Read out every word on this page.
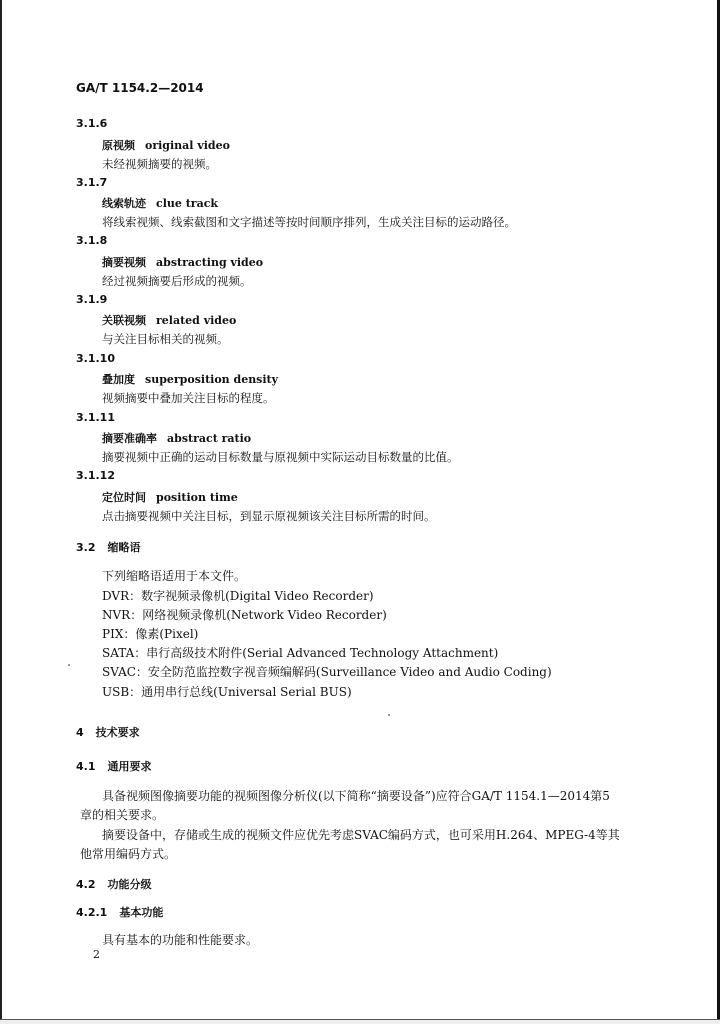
GA/T 1154.2—2014
3.1.6
原视频 original video
未经视频摘要的视频。
3.1.7
线索轨迹 clue track
将线索视频、线索截图和文字描述等按时间顺序排列，生成关注目标的运动路径。
3.1.8
摘要视频 abstracting video
经过视频摘要后形成的视频。
3.1.9
关联视频 related video
与关注目标相关的视频。
3.1.10
叠加度 superposition density
视频摘要中叠加关注目标的程度。
3.1.11
摘要准确率 abstract ratio
摘要视频中正确的运动目标数量与原视频中实际运动目标数量的比值。
3.1.12
定位时间 position time
点击摘要视频中关注目标，到显示原视频该关注目标所需的时间。
3.2 缩略语
下列缩略语适用于本文件。
DVR：数字视频录像机(Digital Video Recorder)
NVR：网络视频录像机(Network Video Recorder)
PIX：像素(Pixel)
SATA：串行高级技术附件(Serial Advanced Technology Attachment)
SVAC：安全防范监控数字视音频编解码(Surveillance Video and Audio Coding)
USB：通用串行总线(Universal Serial BUS)
4 技术要求
4.1 通用要求
具备视频图像摘要功能的视频图像分析仪(以下简称“摘要设备”)应符合GA/T 1154.1—2014第5
章的相关要求。
摘要设备中，存储或生成的视频文件应优先考虑SVAC编码方式，也可采用H.264、MPEG-4等其
他常用编码方式。
4.2 功能分级
4.2.1 基本功能
具有基本的功能和性能要求。
2
